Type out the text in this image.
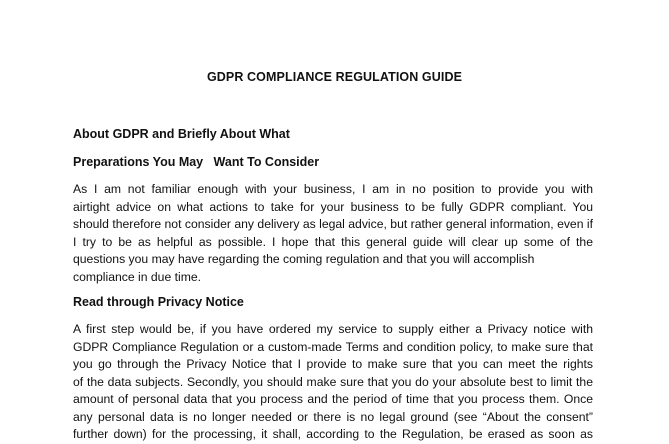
GDPR COMPLIANCE REGULATION GUIDE
About GDPR and Briefly About What
Preparations You May   Want To Consider
As I am not familiar enough with your business, I am in no position to provide you with
airtight advice on what actions to take for your business to be fully GDPR compliant. You
should therefore not consider any delivery as legal advice, but rather general information, even if
I try to be as helpful as possible. I hope that this general guide will clear up some of the
questions you may have regarding the coming regulation and that you will accomplish
compliance in due time.
Read through Privacy Notice
A first step would be, if you have ordered my service to supply either a Privacy notice with
GDPR Compliance Regulation or a custom-made Terms and condition policy, to make sure that
you go through the Privacy Notice that I provide to make sure that you can meet the rights
of the data subjects. Secondly, you should make sure that you do your absolute best to limit the
amount of personal data that you process and the period of time that you process them. Once
any personal data is no longer needed or there is no legal ground (see “About the consent”
further down) for the processing, it shall, according to the Regulation, be erased as soon as
